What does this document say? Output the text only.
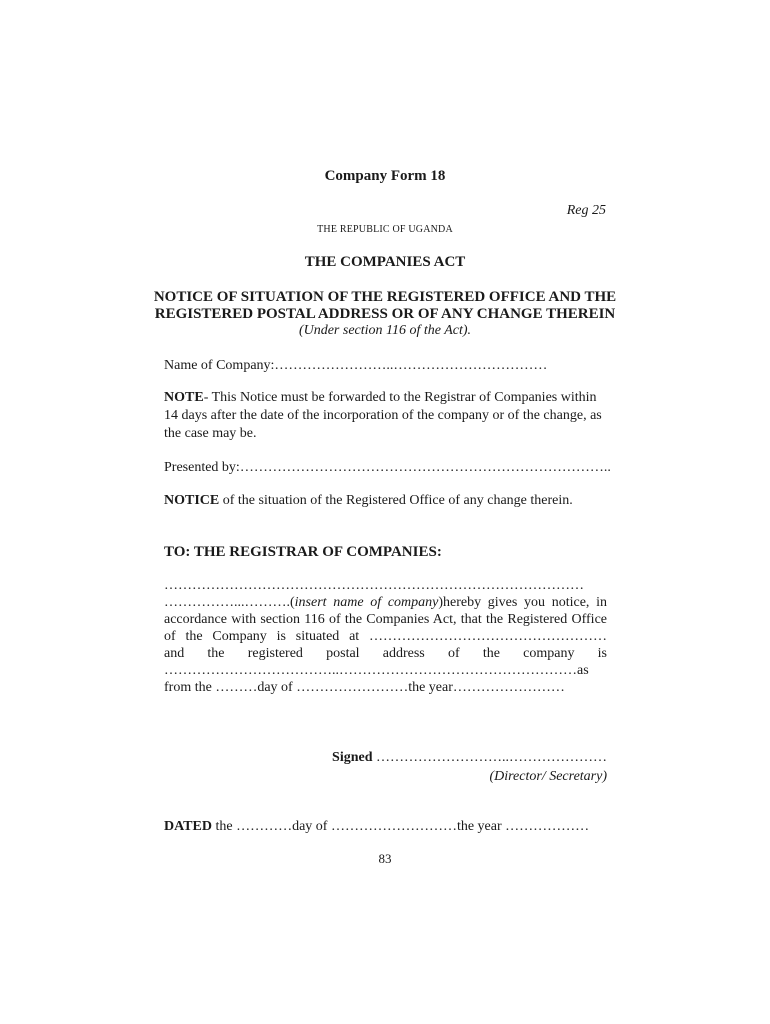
Company Form 18
Reg 25
THE REPUBLIC OF UGANDA
THE COMPANIES ACT
NOTICE OF SITUATION OF THE REGISTERED OFFICE AND THE
REGISTERED POSTAL ADDRESS OR OF ANY CHANGE THEREIN
(Under section 116 of the Act).
Name of Company:……………………..……………………………
NOTE- This Notice must be forwarded to the Registrar of Companies within 14 days after the date of the incorporation of the company or of the change, as the case may be.
Presented by:……………………………………………………………………..
NOTICE of the situation of the Registered Office of any change therein.
TO: THE REGISTRAR OF COMPANIES:
………………………………………………………………………………
……………...……….(insert name of company)hereby gives you notice, in
accordance with section 116 of the Companies Act, that the Registered Office
of the Company is situated at ……………………………………………
and the registered postal address of the company is
………………………………..……………………………………………as
from the ………day of ……………………the year……………………
Signed ………………………..…………………
(Director/ Secretary)
DATED the …………day of ………………………the year ………………
83
